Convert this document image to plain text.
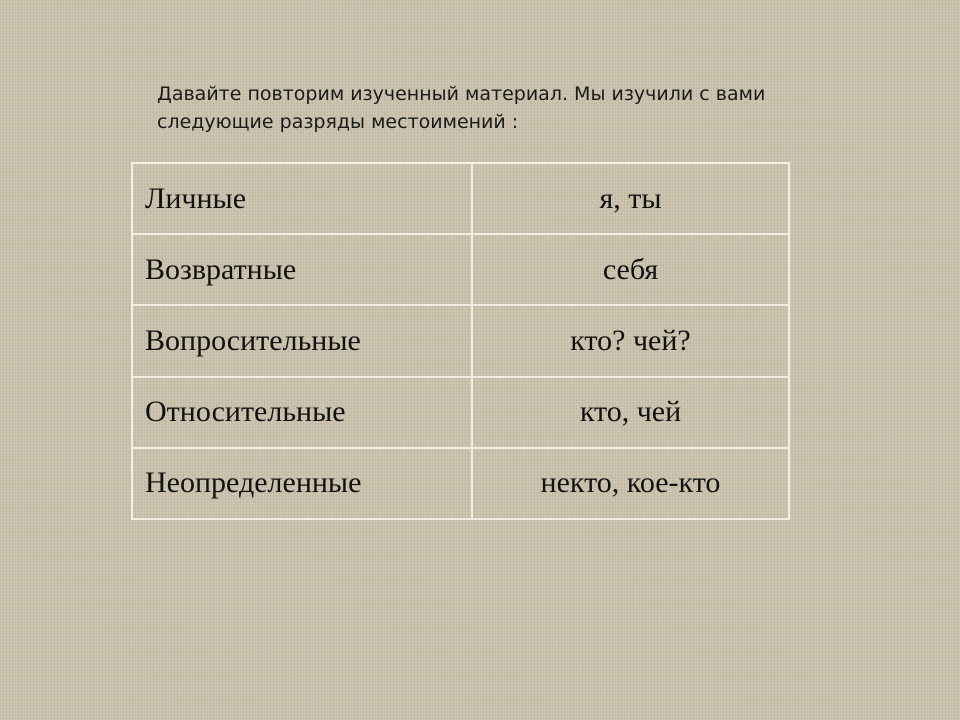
Давайте повторим изученный материал. Мы изучили с вами
следующие разряды местоимений :

Личные	я, ты
Возвратные	себя
Вопросительные	кто? чей?
Относительные	кто, чей
Неопределенные	некто, кое-кто
